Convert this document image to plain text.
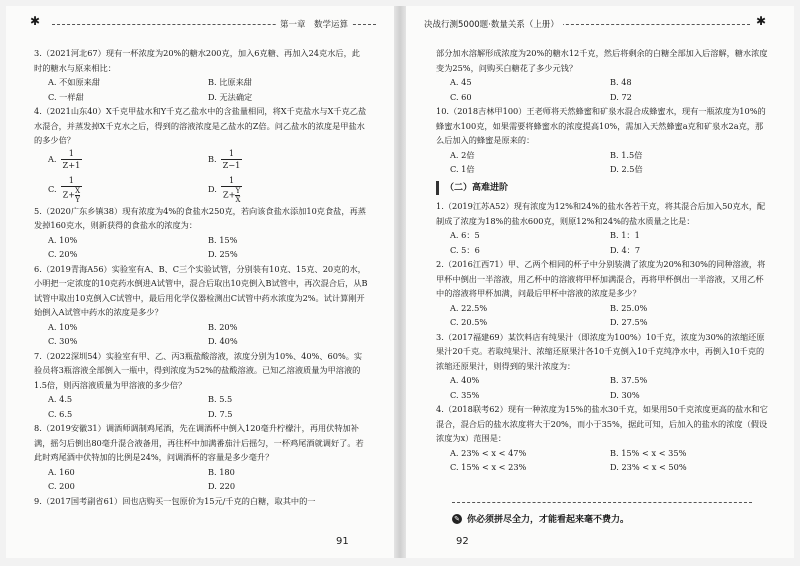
✱	第一章　数学运算

3.（2021河北67）现有一杯浓度为20%的糖水200克，加入6克糖、再加入24克水后，此时的糖水与原来相比：

A. 不如原来甜	B. 比原来甜
C. 一样甜	D. 无法确定

4.（2021山东40）X千克甲盐水和Y千克乙盐水中的含盐量相同，将X千克盐水与X千克乙盐水混合，并蒸发掉X千克水之后，得到的溶液浓度是乙盐水的Z倍。问乙盐水的浓度是甲盐水的多少倍？

A. $\frac{1}{Z+1}$	B. $\frac{1}{Z-1}$
C. $\frac{1}{Z+ \frac{X}{Y}}$	D. $\frac{1}{Z+ \frac{Y}{X}}$

5.（2020广东乡镇38）现有浓度为4%的食盐水250克，若向该食盐水添加10克食盐，再蒸发掉160克水，则新获得的食盐水的浓度为：

A. 10%	B. 15%
C. 20%	D. 25%

6.（2019青海A56）实验室有A、B、C三个实验试管，分别装有10克、15克、20克的水，小明把一定浓度的10克药水倒进A试管中，混合后取出10克倒入B试管中，再次混合后，从B试管中取出10克倒入C试管中，最后用化学仪器检测出C试管中药水浓度为2%。试计算刚开始倒入A试管中药水的浓度是多少？

A. 10%	B. 20%
C. 30%	D. 40%

7.（2022深圳54）实验室有甲、乙、丙3瓶盐酸溶液，浓度分别为10%、40%、60%。实验员将3瓶溶液全部倒入一瓶中，得到浓度为52%的盐酸溶液。已知乙溶液质量为甲溶液的1.5倍，则丙溶液质量为甲溶液的多少倍？

A. 4.5	B. 5.5
C. 6.5	D. 7.5

8.（2019安徽31）调酒师调制鸡尾酒，先在调酒杯中倒入120毫升柠檬汁，再用伏特加补满，摇匀后倒出80毫升混合液备用，再往杯中加满番茄汁后摇匀，一杯鸡尾酒就调好了。若此时鸡尾酒中伏特加的比例是24%，问调酒杯的容量是多少毫升？

A. 160	B. 180
C. 200	D. 220

9.（2017国考副省61）回也店购买一包原价为15元/千克的白糖，取其中的一

91
决战行测5000题·数量关系（上册）	✱

部分加水溶解形成浓度为20%的糖水12千克，然后将剩余的白糖全部加入后溶解，糖水浓度变为25%，问购买白糖花了多少元钱？

A. 45	B. 48
C. 60	D. 72

10.（2018吉林甲100）王老师将天然蜂蜜和矿泉水混合成蜂蜜水，现有一瓶浓度为10%的蜂蜜水100克，如果需要将蜂蜜水的浓度提高10%，需加入天然蜂蜜a克和矿泉水2a克，那么后加入的蜂蜜是原来的：

A. 2倍	B. 1.5倍
C. 1倍	D. 2.5倍
（二）高难进阶

1.（2019江苏A52）现有浓度为12%和24%的盐水各若干克，将其混合后加入50克水，配制成了浓度为18%的盐水600克，则原12%和24%的盐水质量之比是：

A. 6：5	B. 1：1
C. 5：6	D. 4：7

2.（2016江西71）甲、乙两个相同的杯子中分别装满了浓度为20%和30%的同种溶液，将甲杯中倒出一半溶液，用乙杯中的溶液将甲杯加满混合，再将甲杯倒出一半溶液，又用乙杯中的溶液将甲杯加满，问最后甲杯中溶液的浓度是多少？

A. 22.5%	B. 25.0%
C. 20.5%	D. 27.5%

3.（2017福建69）某饮料店有纯果汁（即浓度为100%）10千克，浓度为30%的浓缩还原果汁20千克。若取纯果汁、浓缩还原果汁各10千克倒入10千克纯净水中，再倒入10千克的浓缩还原果汁，则得到的果汁浓度为：

A. 40%	B. 37.5%
C. 35%	D. 30%

4.（2018联考62）现有一种浓度为15%的盐水30千克，如果用50千克浓度更高的盐水和它混合，混合后的盐水浓度将大于20%，而小于35%，据此可知，后加入的盐水的浓度（假设浓度为x）范围是：

A. 23% < x < 47%	B. 15% < x < 35%
C. 15% < x < 23%	D. 23% < x < 50%
✎ 你必须拼尽全力，才能看起来毫不费力。
92
